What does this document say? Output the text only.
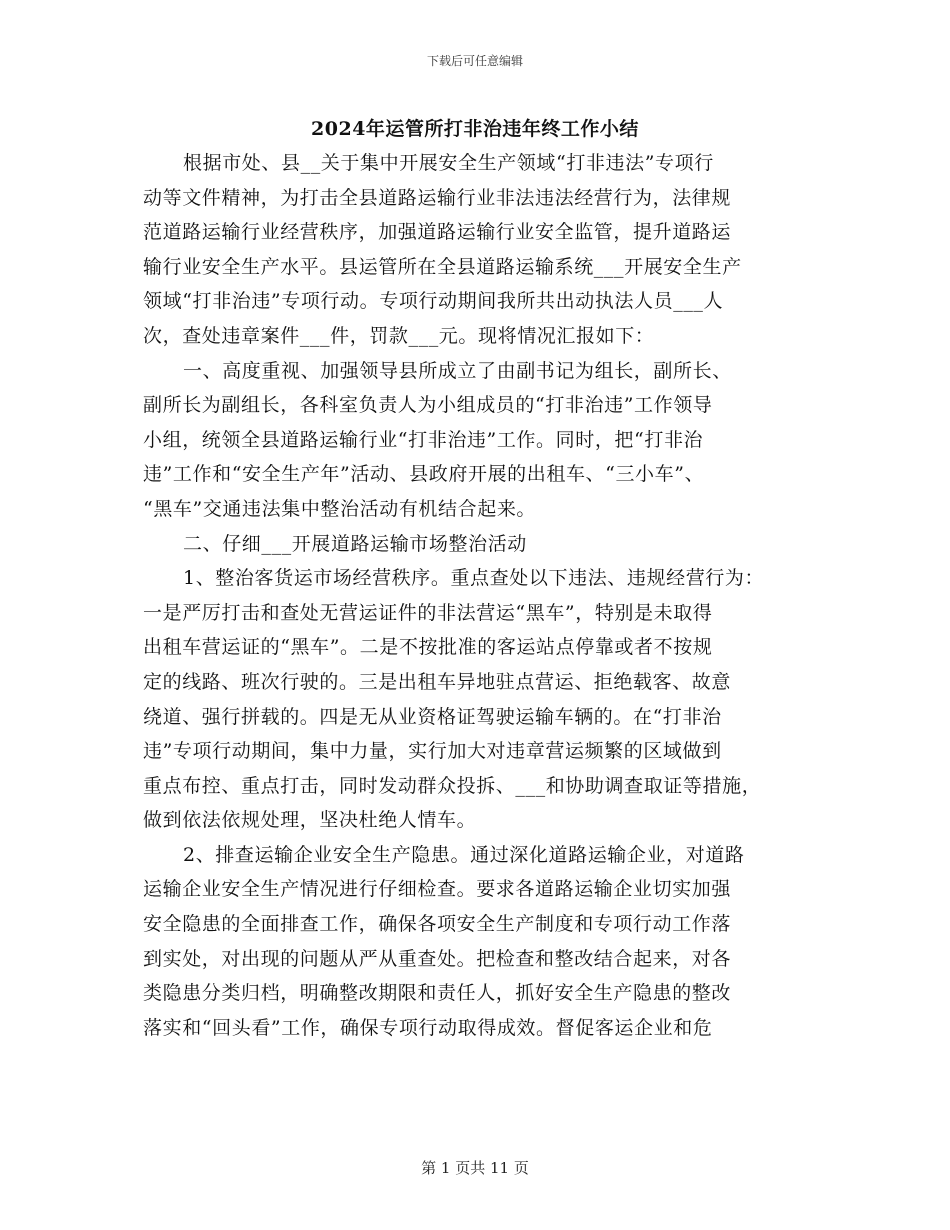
下载后可任意编辑
2024年运管所打非治违年终工作小结
根据市处、县__关于集中开展安全生产领域“打非违法”专项行
动等文件精神，为打击全县道路运输行业非法违法经营行为，法律规
范道路运输行业经营秩序，加强道路运输行业安全监管，提升道路运
输行业安全生产水平。县运管所在全县道路运输系统___开展安全生产
领域“打非治违”专项行动。专项行动期间我所共出动执法人员___人
次，查处违章案件___件，罚款___元。现将情况汇报如下：
一、高度重视、加强领导县所成立了由副书记为组长，副所长、
副所长为副组长，各科室负责人为小组成员的“打非治违”工作领导
小组，统领全县道路运输行业“打非治违”工作。同时，把“打非治
违”工作和“安全生产年”活动、县政府开展的出租车、“三小车”、
“黑车”交通违法集中整治活动有机结合起来。
二、仔细___开展道路运输市场整治活动
1、整治客货运市场经营秩序。重点查处以下违法、违规经营行为：
一是严厉打击和查处无营运证件的非法营运“黑车”，特别是未取得
出租车营运证的“黑车”。二是不按批准的客运站点停靠或者不按规
定的线路、班次行驶的。三是出租车异地驻点营运、拒绝载客、故意
绕道、强行拼载的。四是无从业资格证驾驶运输车辆的。在“打非治
违”专项行动期间，集中力量，实行加大对违章营运频繁的区域做到
重点布控、重点打击，同时发动群众投拆、___和协助调查取证等措施，
做到依法依规处理，坚决杜绝人情车。
2、排查运输企业安全生产隐患。通过深化道路运输企业，对道路
运输企业安全生产情况进行仔细检查。要求各道路运输企业切实加强
安全隐患的全面排查工作，确保各项安全生产制度和专项行动工作落
到实处，对出现的问题从严从重查处。把检查和整改结合起来，对各
类隐患分类归档，明确整改期限和责任人，抓好安全生产隐患的整改
落实和“回头看”工作，确保专项行动取得成效。督促客运企业和危
第 1 页共 11 页
